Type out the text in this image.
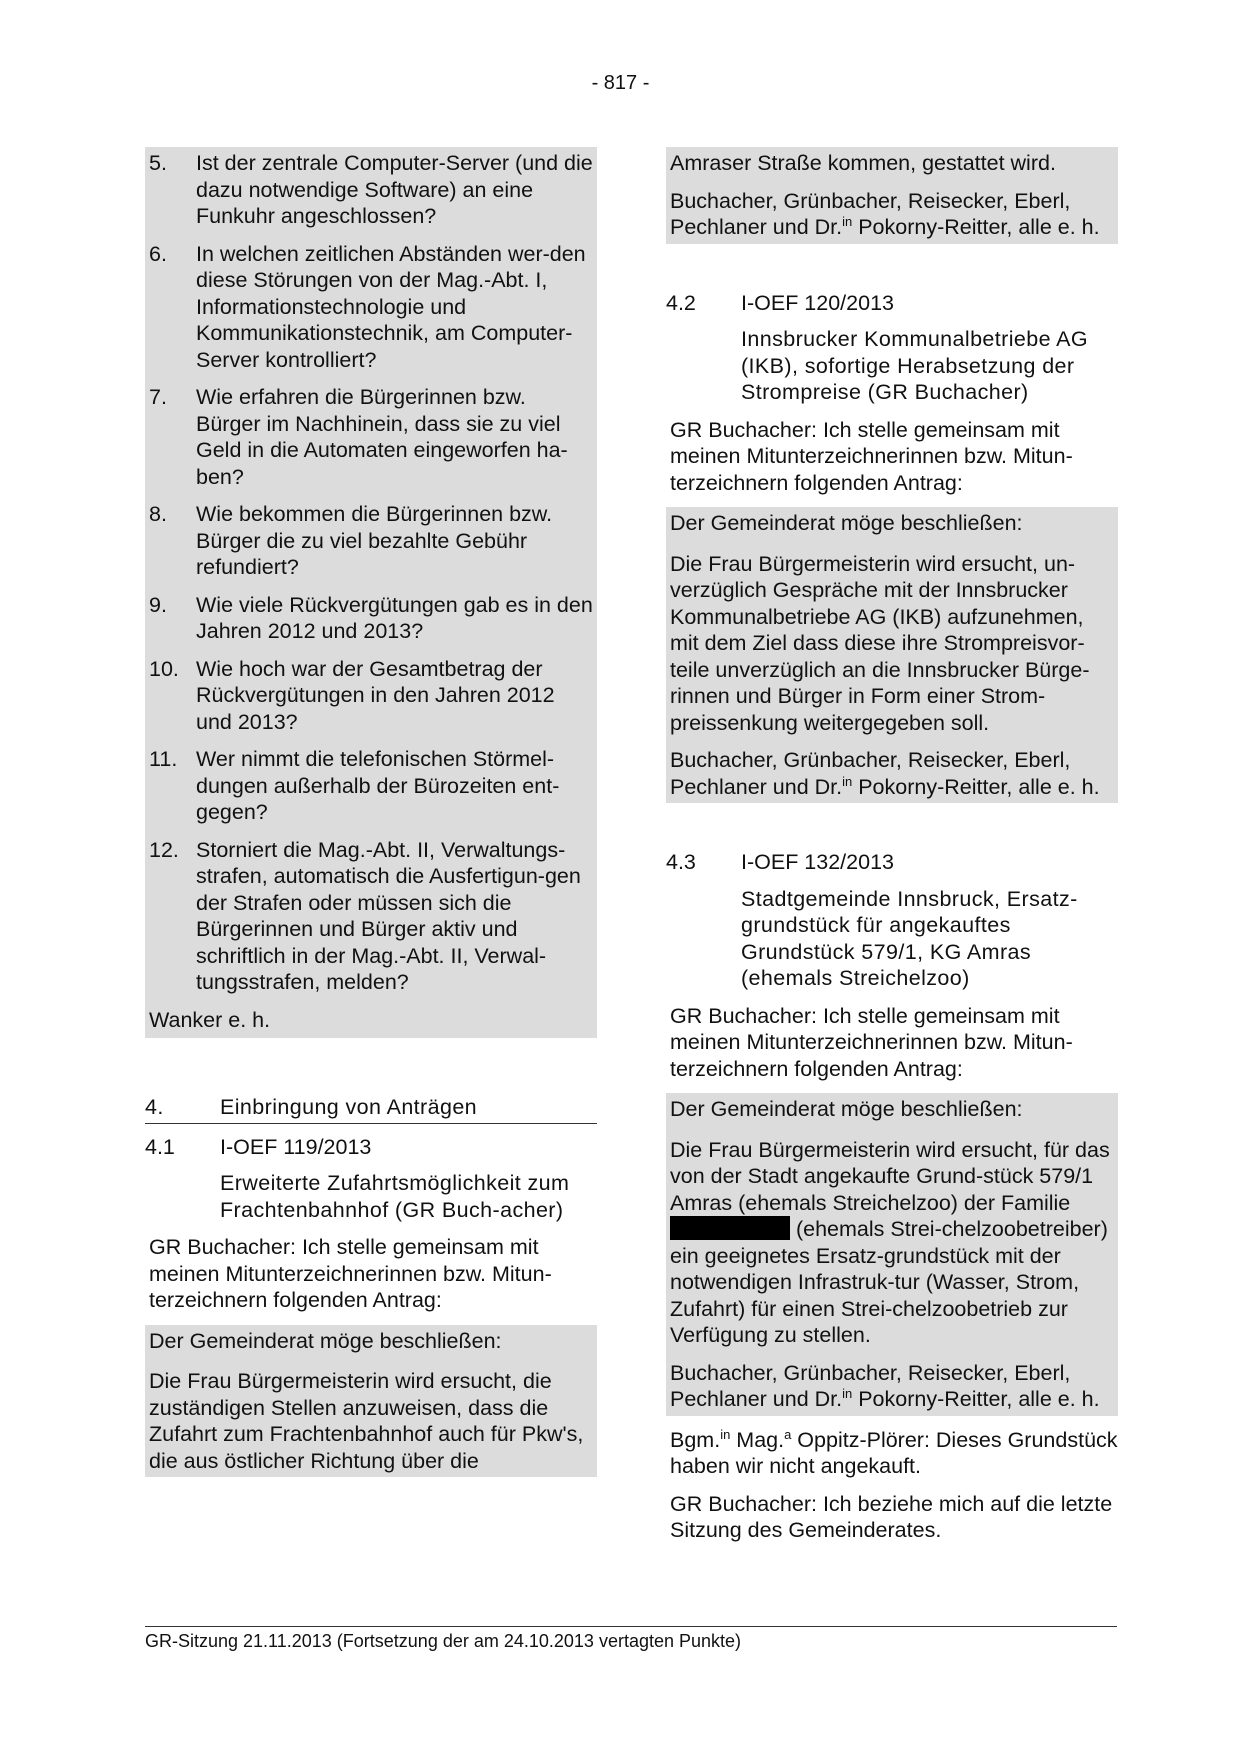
- 817 -
5.	Ist der zentrale Computer-Server (und die dazu notwendige Software) an eine Funkuhr angeschlossen?
6.	In welchen zeitlichen Abständen wer-den diese Störungen von der Mag.-Abt. I, Informationstechnologie und Kommunikationstechnik, am Computer-Server kontrolliert?
7.	Wie erfahren die Bürgerinnen bzw. Bürger im Nachhinein, dass sie zu viel Geld in die Automaten eingeworfen ha-ben?
8.	Wie bekommen die Bürgerinnen bzw. Bürger die zu viel bezahlte Gebühr refundiert?
9.	Wie viele Rückvergütungen gab es in den Jahren 2012 und 2013?
10. Wie hoch war der Gesamtbetrag der Rückvergütungen in den Jahren 2012 und 2013?
11. Wer nimmt die telefonischen Störmel-dungen außerhalb der Bürozeiten ent-gegen?
12. Storniert die Mag.-Abt. II, Verwaltungs-strafen, automatisch die Ausfertigun-gen der Strafen oder müssen sich die Bürgerinnen und Bürger aktiv und schriftlich in der Mag.-Abt. II, Verwal-tungsstrafen, melden?
Wanker e. h.
4.	Einbringung von Anträgen
4.1	I-OEF 119/2013
Erweiterte Zufahrtsmöglichkeit zum Frachtenbahnhof (GR Buch-acher)
GR Buchacher: Ich stelle gemeinsam mit meinen Mitunterzeichnerinnen bzw. Mitun-terzeichnern folgenden Antrag:
Der Gemeinderat möge beschließen:
Die Frau Bürgermeisterin wird ersucht, die zuständigen Stellen anzuweisen, dass die Zufahrt zum Frachtenbahnhof auch für Pkw's, die aus östlicher Richtung über die
Amraser Straße kommen, gestattet wird.
Buchacher, Grünbacher, Reisecker, Eberl, Pechlaner und Dr.$^{in}$ Pokorny-Reitter, alle e. h.
4.2	I-OEF 120/2013
Innsbrucker Kommunalbetriebe AG (IKB), sofortige Herabsetzung der Strompreise (GR Buchacher)
GR Buchacher: Ich stelle gemeinsam mit meinen Mitunterzeichnerinnen bzw. Mitun-terzeichnern folgenden Antrag:
Der Gemeinderat möge beschließen:
Die Frau Bürgermeisterin wird ersucht, un-verzüglich Gespräche mit der Innsbrucker Kommunalbetriebe AG (IKB) aufzunehmen, mit dem Ziel dass diese ihre Strompreisvor-teile unverzüglich an die Innsbrucker Bürge-rinnen und Bürger in Form einer Strom-preissenkung weitergegeben soll.
Buchacher, Grünbacher, Reisecker, Eberl, Pechlaner und Dr.$^{in}$ Pokorny-Reitter, alle e. h.
4.3	I-OEF 132/2013
Stadtgemeinde Innsbruck, Ersatz-grundstück für angekauftes Grundstück 579/1, KG Amras (ehemals Streichelzoo)
GR Buchacher: Ich stelle gemeinsam mit meinen Mitunterzeichnerinnen bzw. Mitun-terzeichnern folgenden Antrag:
Der Gemeinderat möge beschließen:
Die Frau Bürgermeisterin wird ersucht, für das von der Stadt angekaufte Grund-stück 579/1 Amras (ehemals Streichelzoo) der Familie  (ehemals Strei-chelzoobetreiber) ein geeignetes Ersatz-grundstück mit der notwendigen Infrastruk-tur (Wasser, Strom, Zufahrt) für einen Strei-chelzoobetrieb zur Verfügung zu stellen.
Buchacher, Grünbacher, Reisecker, Eberl, Pechlaner und Dr.$^{in}$ Pokorny-Reitter, alle e. h.
Bgm.$^{in}$ Mag.$^a$ Oppitz-Plörer: Dieses Grundstück haben wir nicht angekauft.
GR Buchacher: Ich beziehe mich auf die letzte Sitzung des Gemeinderates.
GR-Sitzung 21.11.2013 (Fortsetzung der am 24.10.2013 vertagten Punkte)
